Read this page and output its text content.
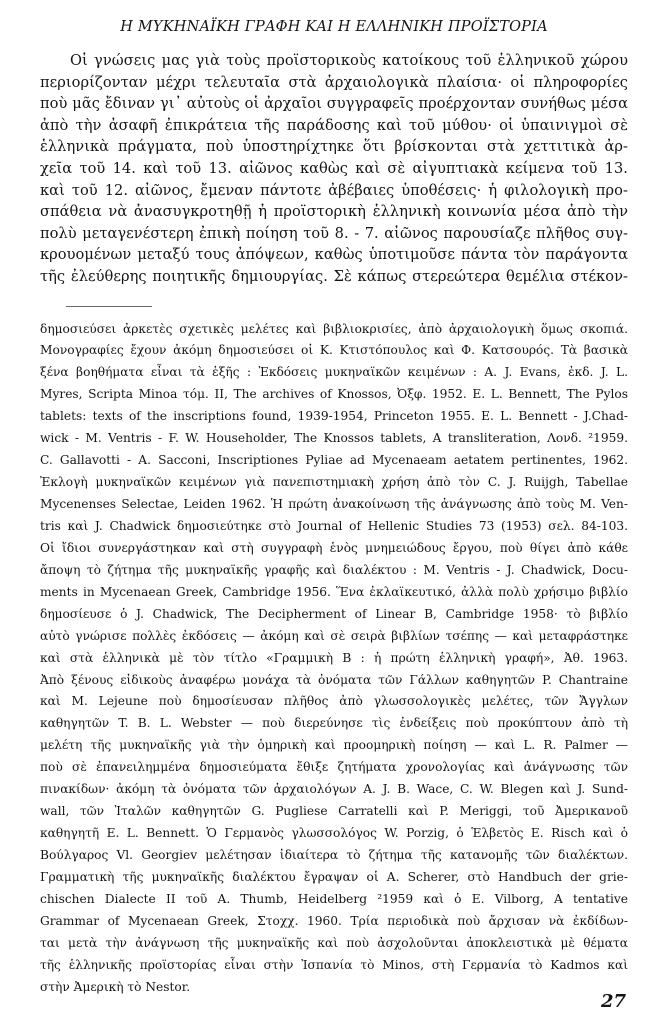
Η ΜΥΚΗΝΑΪΚΗ ΓΡΑΦΗ ΚΑΙ Η ΕΛΛΗΝΙΚΗ ΠΡΟΪΣΤΟΡΙΑ
Οἱ γνώσεις μας γιὰ τοὺς προϊστορικοὺς κατοίκους τοῦ ἑλληνικοῦ χώρου
περιορίζονταν μέχρι τελευταῖα στὰ ἀρχαιολογικὰ πλαίσια· οἱ πληροφορίες
ποὺ μᾶς ἔδιναν γι᾽ αὐτοὺς οἱ ἀρχαῖοι συγγραφεῖς προέρχονταν συνήθως μέσα
ἀπὸ τὴν ἀσαφῆ ἐπικράτεια τῆς παράδοσης καὶ τοῦ μύθου· οἱ ὑπαινιγμοὶ σὲ
ἑλληνικὰ πράγματα, ποὺ ὑποστηρίχτηκε ὅτι βρίσκονται στὰ χεττιτικὰ ἀρ-
χεῖα τοῦ 14. καὶ τοῦ 13. αἰῶνος καθὼς καὶ σὲ αἰγυπτιακὰ κείμενα τοῦ 13.
καὶ τοῦ 12. αἰῶνος, ἔμεναν πάντοτε ἀβέβαιες ὑποθέσεις· ἡ φιλολογικὴ προ-
σπάθεια νὰ ἀνασυγκροτηθῇ ἡ προϊστορικὴ ἑλληνικὴ κοινωνία μέσα ἀπὸ τὴν
πολὺ μεταγενέστερη ἐπικὴ ποίηση τοῦ 8. - 7. αἰῶνος παρουσίαζε πλῆθος συγ-
κρουομένων μεταξύ τους ἀπόψεων, καθὼς ὑποτιμοῦσε πάντα τὸν παράγοντα
τῆς ἐλεύθερης ποιητικῆς δημιουργίας. Σὲ κάπως στερεώτερα θεμέλια στέκον-
δημοσιεύσει ἀρκετὲς σχετικὲς μελέτες καὶ βιβλιοκρισίες, ἀπὸ ἀρχαιολογικὴ ὅμως σκοπιά.
Μονογραφίες ἔχουν ἀκόμη δημοσιεύσει οἱ Κ. Κτιστόπουλος καὶ Φ. Κατσουρός. Τὰ βασικὰ
ξένα βοηθήματα εἶναι τὰ ἑξῆς : Ἐκδόσεις μυκηναϊκῶν κειμένων : A. J. Evans, ἐκδ. J. L.
Myres, Scripta Minoa τόμ. II, The archives of Knossos, Ὀξφ. 1952. E. L. Bennett, The Pylos
tablets: texts of the inscriptions found, 1939-1954, Princeton 1955. E. L. Bennett - J.Chad-
wick - M. Ventris - F. W. Householder, The Knossos tablets, A transliteration, Λονδ. ²1959.
C. Gallavotti - A. Sacconi, Inscriptiones Pyliae ad Mycenaeam aetatem pertinentes, 1962.
Ἐκλογὴ μυκηναϊκῶν κειμένων γιὰ πανεπιστημιακὴ χρήση ἀπὸ τὸν C. J. Ruijgh, Tabellae
Mycenenses Selectae, Leiden 1962. Ἡ πρώτη ἀνακοίνωση τῆς ἀνάγνωσης ἀπὸ τοὺς M. Ven-
tris καὶ J. Chadwick δημοσιεύτηκε στὸ Journal of Hellenic Studies 73 (1953) σελ. 84-103.
Οἱ ἴδιοι συνεργάστηκαν καὶ στὴ συγγραφὴ ἑνὸς μνημειώδους ἔργου, ποὺ θίγει ἀπὸ κάθε
ἄποψη τὸ ζήτημα τῆς μυκηναϊκῆς γραφῆς καὶ διαλέκτου : M. Ventris - J. Chadwick, Docu-
ments in Mycenaean Greek, Cambridge 1956. Ἕνα ἐκλαϊκευτικό, ἀλλὰ πολὺ χρήσιμο βιβλίο
δημοσίευσε ὁ J. Chadwick, The Decipherment of Linear B, Cambridge 1958· τὸ βιβλίο
αὐτὸ γνώρισε πολλὲς ἐκδόσεις — ἀκόμη καὶ σὲ σειρὰ βιβλίων τσέπης — καὶ μεταφράστηκε
καὶ στὰ ἑλληνικὰ μὲ τὸν τίτλο «Γραμμικὴ Β : ἡ πρώτη ἑλληνικὴ γραφή», Ἀθ. 1963.
Ἀπὸ ξένους εἰδικοὺς ἀναφέρω μονάχα τὰ ὀνόματα τῶν Γάλλων καθηγητῶν P. Chantraine
καὶ M. Lejeune ποὺ δημοσίευσαν πλῆθος ἀπὸ γλωσσολογικὲς μελέτες, τῶν Ἄγγλων
καθηγητῶν T. B. L. Webster — ποὺ διερεύνησε τὶς ἐνδείξεις ποὺ προκύπτουν ἀπὸ τὴ
μελέτη τῆς μυκηναϊκῆς γιὰ τὴν ὁμηρικὴ καὶ προομηρικὴ ποίηση — καὶ L. R. Palmer —
ποὺ σὲ ἐπανειλημμένα δημοσιεύματα ἔθιξε ζητήματα χρονολογίας καὶ ἀνάγνωσης τῶν
πινακίδων· ἀκόμη τὰ ὀνόματα τῶν ἀρχαιολόγων A. J. B. Wace, C. W. Blegen καὶ J. Sund-
wall, τῶν Ἰταλῶν καθηγητῶν G. Pugliese Carratelli καὶ P. Meriggi, τοῦ Ἀμερικανοῦ
καθηγητῆ E. L. Bennett. Ὁ Γερμανὸς γλωσσολόγος W. Porzig, ὁ Ἑλβετὸς E. Risch καὶ ὁ
Βούλγαρος Vl. Georgiev μελέτησαν ἰδιαίτερα τὸ ζήτημα τῆς κατανομῆς τῶν διαλέκτων.
Γραμματικὴ τῆς μυκηναϊκῆς διαλέκτου ἔγραψαν οἱ A. Scherer, στὸ Handbuch der grie-
chischen Dialecte II τοῦ A. Thumb, Heidelberg ²1959 καὶ ὁ E. Vilborg, A tentative
Grammar of Mycenaean Greek, Στοχχ. 1960. Τρία περιοδικὰ ποὺ ἄρχισαν νὰ ἐκδίδων-
ται μετὰ τὴν ἀνάγνωση τῆς μυκηναϊκῆς καὶ ποὺ ἀσχολοῦνται ἀποκλειστικὰ μὲ θέματα
τῆς ἑλληνικῆς προϊστορίας εἶναι στὴν Ἰσπανία τὸ Minos, στὴ Γερμανία τὸ Kadmos καὶ
στὴν Ἀμερικὴ τὸ Nestor.
27
